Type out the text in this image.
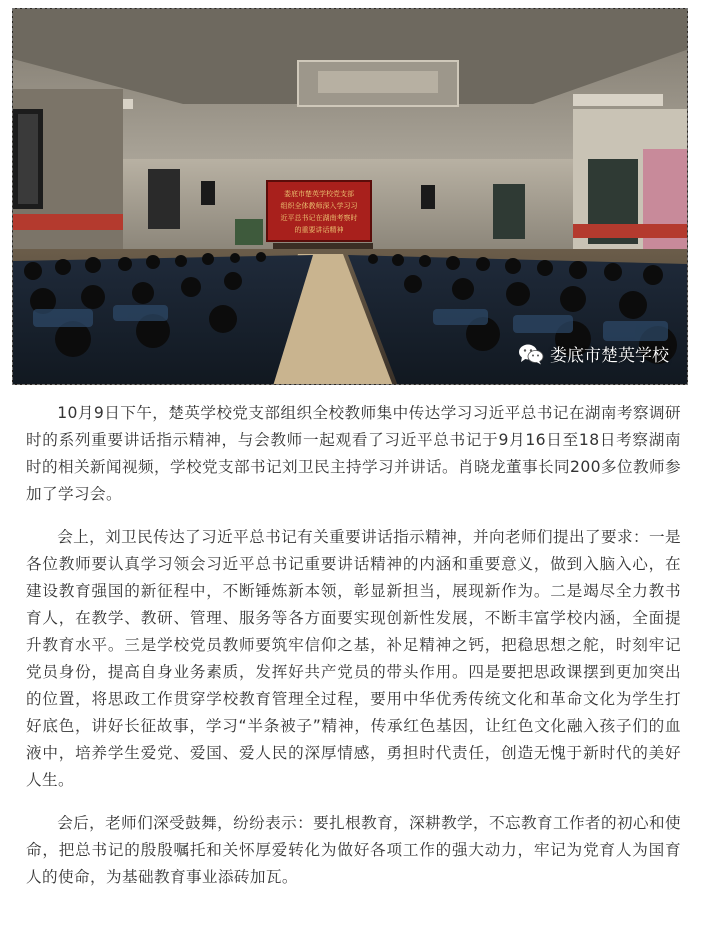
娄底市楚英学校党支部
组织全体教师深入学习习
近平总书记在湖南考察时
的重要讲话精神
娄底市楚英学校

10月9日下午，楚英学校党支部组织全校教师集中传达学习习近平总书记在湖南考察调研时的系列重要讲话指示精神，与会教师一起观看了习近平总书记于9月16日至18日考察湖南时的相关新闻视频，学校党支部书记刘卫民主持学习并讲话。肖晓龙董事长同200多位教师参加了学习会。

会上，刘卫民传达了习近平总书记有关重要讲话指示精神，并向老师们提出了要求：一是各位教师要认真学习领会习近平总书记重要讲话精神的内涵和重要意义，做到入脑入心，在建设教育强国的新征程中，不断锤炼新本领，彰显新担当，展现新作为。二是竭尽全力教书育人，在教学、教研、管理、服务等各方面要实现创新性发展，不断丰富学校内涵，全面提升教育水平。三是学校党员教师要筑牢信仰之基，补足精神之钙，把稳思想之舵，时刻牢记党员身份，提高自身业务素质，发挥好共产党员的带头作用。四是要把思政课摆到更加突出的位置，将思政工作贯穿学校教育管理全过程，要用中华优秀传统文化和革命文化为学生打好底色，讲好长征故事，学习“半条被子”精神，传承红色基因，让红色文化融入孩子们的血液中，培养学生爱党、爱国、爱人民的深厚情感，勇担时代责任，创造无愧于新时代的美好人生。

会后，老师们深受鼓舞，纷纷表示：要扎根教育，深耕教学，不忘教育工作者的初心和使命，把总书记的殷殷嘱托和关怀厚爱转化为做好各项工作的强大动力，牢记为党育人为国育人的使命，为基础教育事业添砖加瓦。
